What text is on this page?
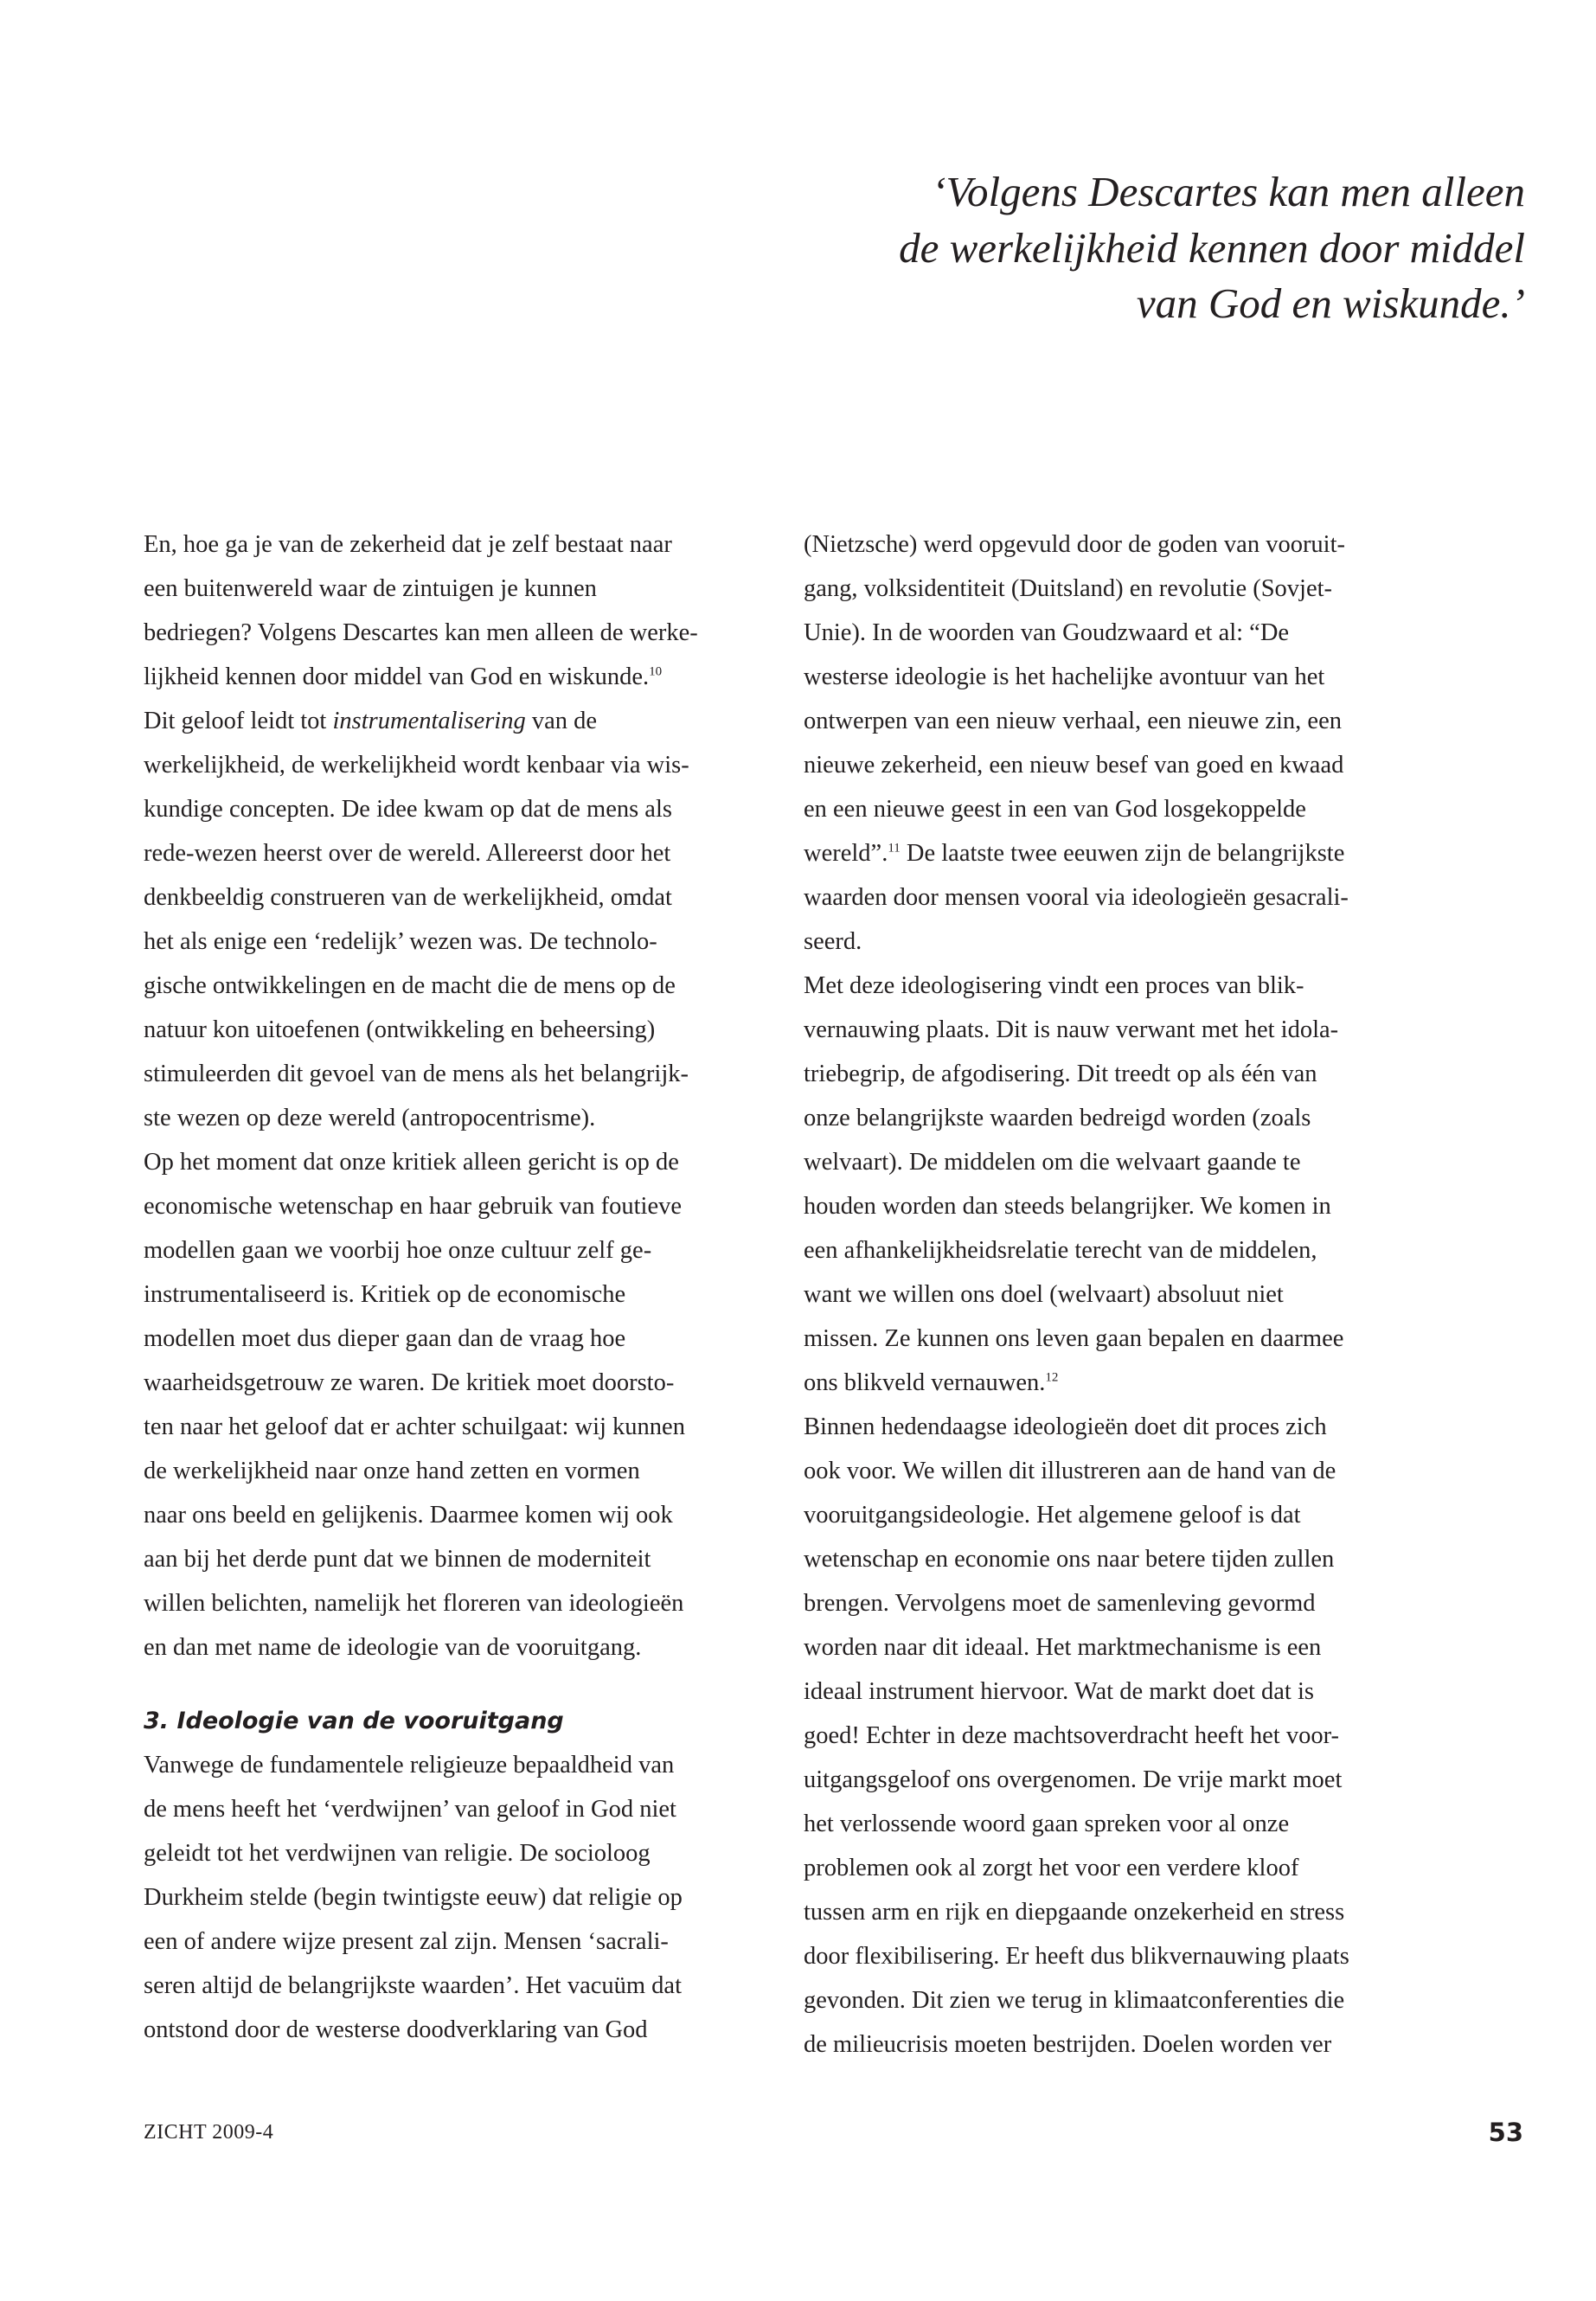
‘Volgens Descartes kan men alleen
de werkelijkheid kennen door middel
van God en wiskunde.’
En, hoe ga je van de zekerheid dat je zelf bestaat naar
een buitenwereld waar de zintuigen je kunnen
bedriegen? Volgens Descartes kan men alleen de werke-
lijkheid kennen door middel van God en wiskunde.$^{10}$
Dit geloof leidt tot instrumentalisering van de
werkelijkheid, de werkelijkheid wordt kenbaar via wis-
kundige concepten. De idee kwam op dat de mens als
rede-wezen heerst over de wereld. Allereerst door het
denkbeeldig construeren van de werkelijkheid, omdat
het als enige een ‘redelijk’ wezen was. De technolo-
gische ontwikkelingen en de macht die de mens op de
natuur kon uitoefenen (ontwikkeling en beheersing)
stimuleerden dit gevoel van de mens als het belangrijk-
ste wezen op deze wereld (antropocentrisme).
Op het moment dat onze kritiek alleen gericht is op de
economische wetenschap en haar gebruik van foutieve
modellen gaan we voorbij hoe onze cultuur zelf ge-
instrumentaliseerd is. Kritiek op de economische
modellen moet dus dieper gaan dan de vraag hoe
waarheidsgetrouw ze waren. De kritiek moet doorsto-
ten naar het geloof dat er achter schuilgaat: wij kunnen
de werkelijkheid naar onze hand zetten en vormen
naar ons beeld en gelijkenis. Daarmee komen wij ook
aan bij het derde punt dat we binnen de moderniteit
willen belichten, namelijk het floreren van ideologieën
en dan met name de ideologie van de vooruitgang.
3. Ideologie van de vooruitgang
Vanwege de fundamentele religieuze bepaaldheid van
de mens heeft het ‘verdwijnen’ van geloof in God niet
geleidt tot het verdwijnen van religie. De socioloog
Durkheim stelde (begin twintigste eeuw) dat religie op
een of andere wijze present zal zijn. Mensen ‘sacrali-
seren altijd de belangrijkste waarden’. Het vacuüm dat
ontstond door de westerse doodverklaring van God
(Nietzsche) werd opgevuld door de goden van vooruit-
gang, volksidentiteit (Duitsland) en revolutie (Sovjet-
Unie). In de woorden van Goudzwaard et al: “De
westerse ideologie is het hachelijke avontuur van het
ontwerpen van een nieuw verhaal, een nieuwe zin, een
nieuwe zekerheid, een nieuw besef van goed en kwaad
en een nieuwe geest in een van God losgekoppelde
wereld”.$^{11}$ De laatste twee eeuwen zijn de belangrijkste
waarden door mensen vooral via ideologieën gesacrali-
seerd.
Met deze ideologisering vindt een proces van blik-
vernauwing plaats. Dit is nauw verwant met het idola-
triebegrip, de afgodisering. Dit treedt op als één van
onze belangrijkste waarden bedreigd worden (zoals
welvaart). De middelen om die welvaart gaande te
houden worden dan steeds belangrijker. We komen in
een afhankelijkheidsrelatie terecht van de middelen,
want we willen ons doel (welvaart) absoluut niet
missen. Ze kunnen ons leven gaan bepalen en daarmee
ons blikveld vernauwen.$^{12}$
Binnen hedendaagse ideologieën doet dit proces zich
ook voor. We willen dit illustreren aan de hand van de
vooruitgangsideologie. Het algemene geloof is dat
wetenschap en economie ons naar betere tijden zullen
brengen. Vervolgens moet de samenleving gevormd
worden naar dit ideaal. Het marktmechanisme is een
ideaal instrument hiervoor. Wat de markt doet dat is
goed! Echter in deze machtsoverdracht heeft het voor-
uitgangsgeloof ons overgenomen. De vrije markt moet
het verlossende woord gaan spreken voor al onze
problemen ook al zorgt het voor een verdere kloof
tussen arm en rijk en diepgaande onzekerheid en stress
door flexibilisering. Er heeft dus blikvernauwing plaats
gevonden. Dit zien we terug in klimaatconferenties die
de milieucrisis moeten bestrijden. Doelen worden ver
ZICHT 2009-4	53
